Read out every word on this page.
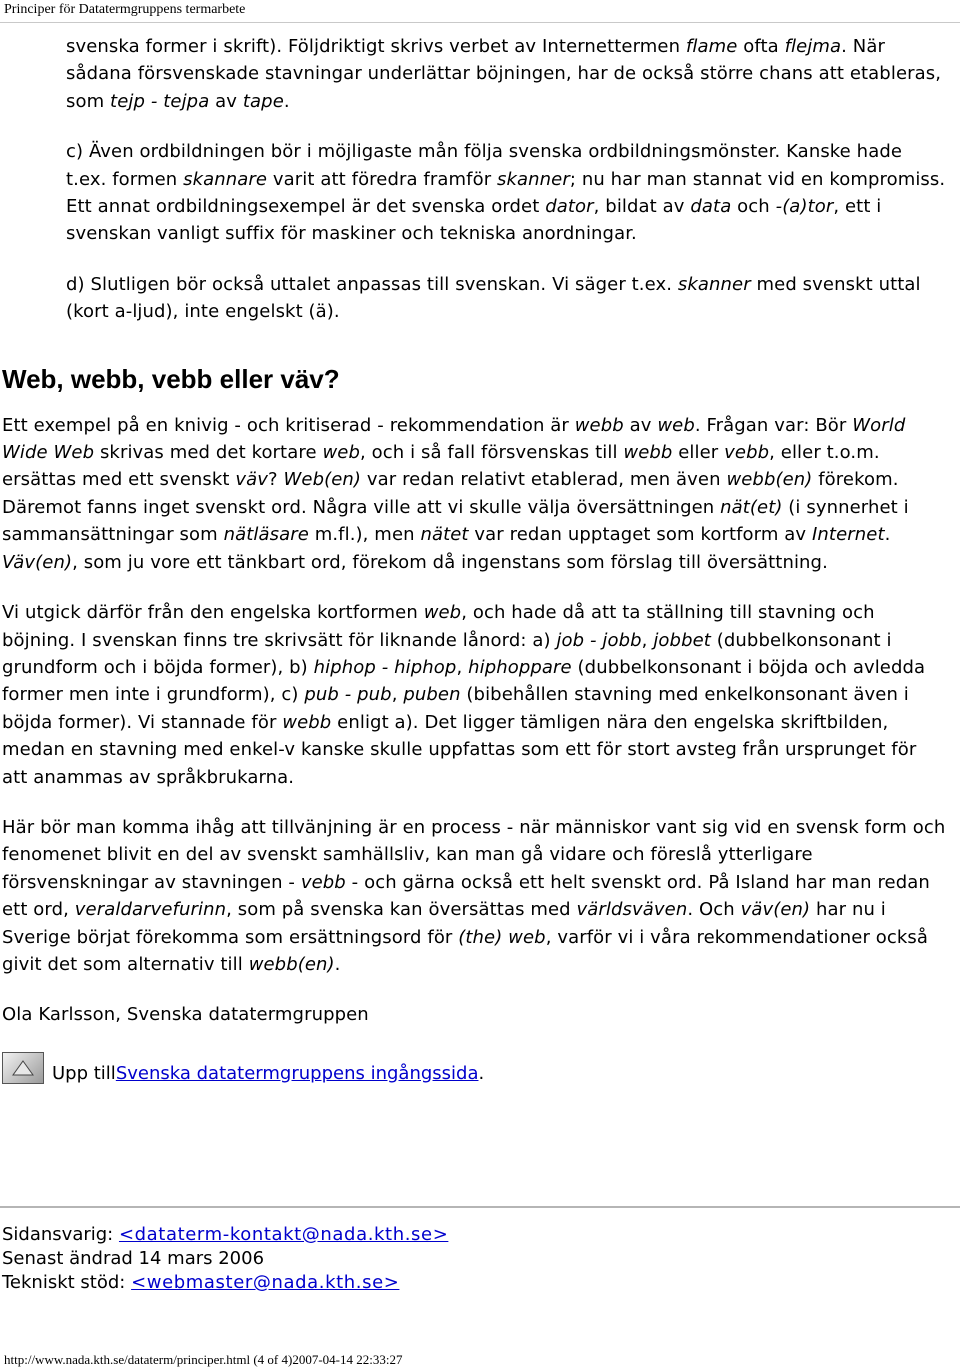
Principer för Datatermgruppens termarbete

svenska former i skrift). Följdriktigt skrivs verbet av Internettermen flame ofta flejma. När sådana försvenskade stavningar underlättar böjningen, har de också större chans att etableras, som tejp - tejpa av tape.

c) Även ordbildningen bör i möjligaste mån följa svenska ordbildningsmönster. Kanske hade t.ex. formen skannare varit att föredra framför skanner; nu har man stannat vid en kompromiss. Ett annat ordbildningsexempel är det svenska ordet dator, bildat av data och -(a)tor, ett i svenskan vanligt suffix för maskiner och tekniska anordningar.

d) Slutligen bör också uttalet anpassas till svenskan. Vi säger t.ex. skanner med svenskt uttal (kort a-ljud), inte engelskt (ä).

Web, webb, vebb eller väv?

Ett exempel på en knivig - och kritiserad - rekommendation är webb av web. Frågan var: Bör World Wide Web skrivas med det kortare web, och i så fall försvenskas till webb eller vebb, eller t.o.m. ersättas med ett svenskt väv? Web(en) var redan relativt etablerad, men även webb(en) förekom. Däremot fanns inget svenskt ord. Några ville att vi skulle välja översättningen nät(et) (i synnerhet i sammansättningar som nätläsare m.fl.), men nätet var redan upptaget som kortform av Internet. Väv(en), som ju vore ett tänkbart ord, förekom då ingenstans som förslag till översättning.

Vi utgick därför från den engelska kortformen web, och hade då att ta ställning till stavning och böjning. I svenskan finns tre skrivsätt för liknande lånord: a) job - jobb, jobbet (dubbelkonsonant i grundform och i böjda former), b) hiphop - hiphop, hiphoppare (dubbelkonsonant i böjda och avledda former men inte i grundform), c) pub - pub, puben (bibehållen stavning med enkelkonsonant även i böjda former). Vi stannade för webb enligt a). Det ligger tämligen nära den engelska skriftbilden, medan en stavning med enkel-v kanske skulle uppfattas som ett för stort avsteg från ursprunget för att anammas av språkbrukarna.

Här bör man komma ihåg att tillvänjning är en process - när människor vant sig vid en svensk form och fenomenet blivit en del av svenskt samhällsliv, kan man gå vidare och föreslå ytterligare försvenskningar av stavningen - vebb - och gärna också ett helt svenskt ord. På Island har man redan ett ord, veraldarvefurinn, som på svenska kan översättas med världsväven. Och väv(en) har nu i Sverige börjat förekomma som ersättningsord för (the) web, varför vi i våra rekommendationer också givit det som alternativ till webb(en).

Ola Karlsson, Svenska datatermgruppen

Upp till Svenska datatermgruppens ingångssida .
Sidansvarig: <dataterm-kontakt@nada.kth.se>
Senast ändrad 14 mars 2006
Tekniskt stöd: <webmaster@nada.kth.se>
http://www.nada.kth.se/dataterm/principer.html (4 of 4)2007-04-14 22:33:27
